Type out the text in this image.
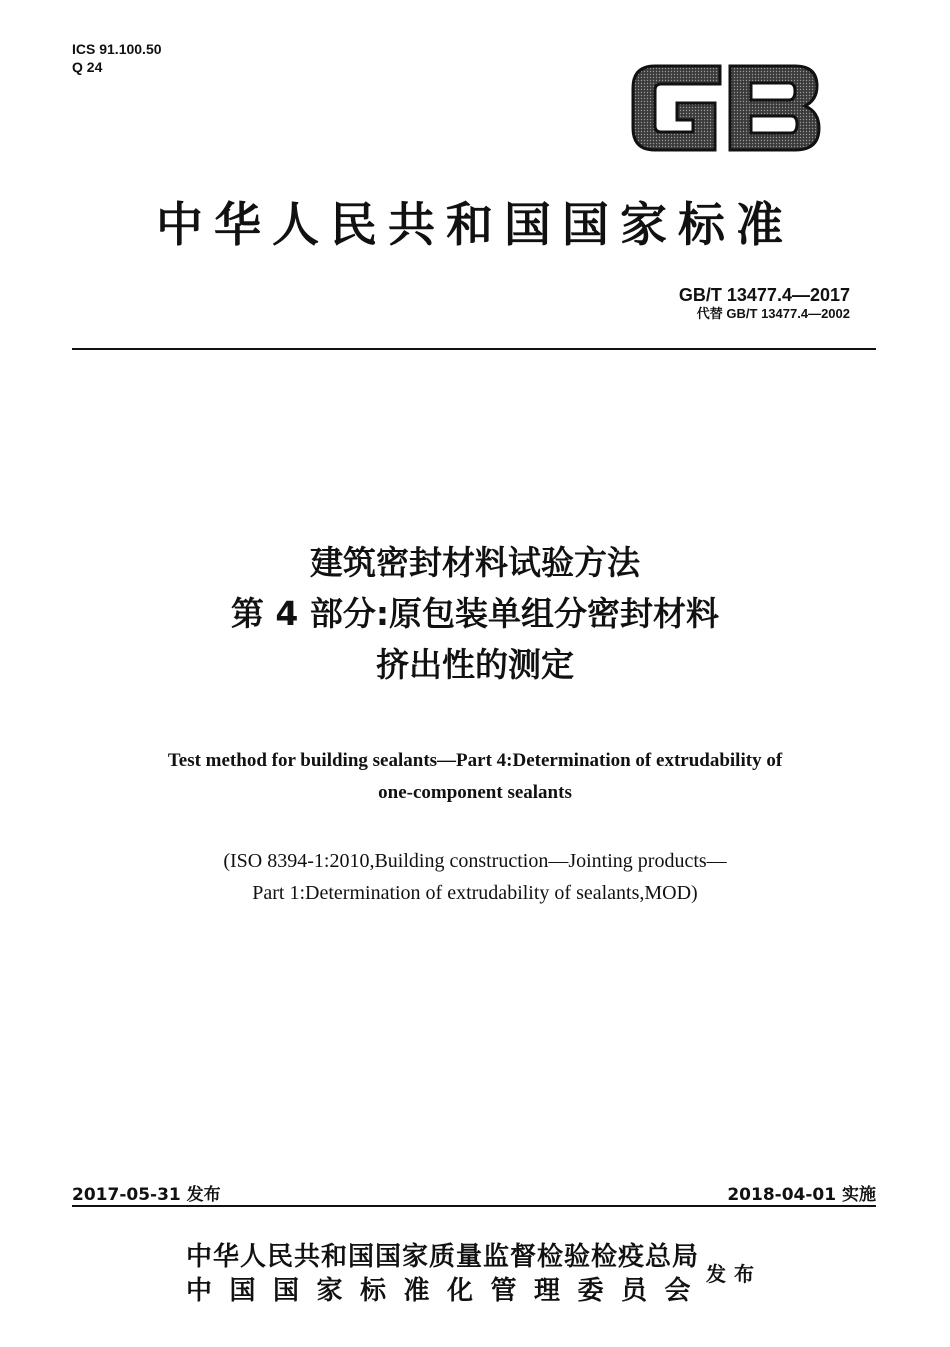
ICS 91.100.50
Q 24
中华人民共和国国家标准
GB/T 13477.4—2017
代替 GB/T 13477.4—2002
建筑密封材料试验方法
第 4 部分:原包装单组分密封材料
挤出性的测定
Test method for building sealants—Part 4:Determination of extrudability of
one-component sealants
(ISO 8394-1:2010,Building construction—Jointing products—
Part 1:Determination of extrudability of sealants,MOD)
2017-05-31 发布	2018-04-01 实施
中华人民共和国国家质量监督检验检疫总局
中国国家标准化管理委员会
发布
